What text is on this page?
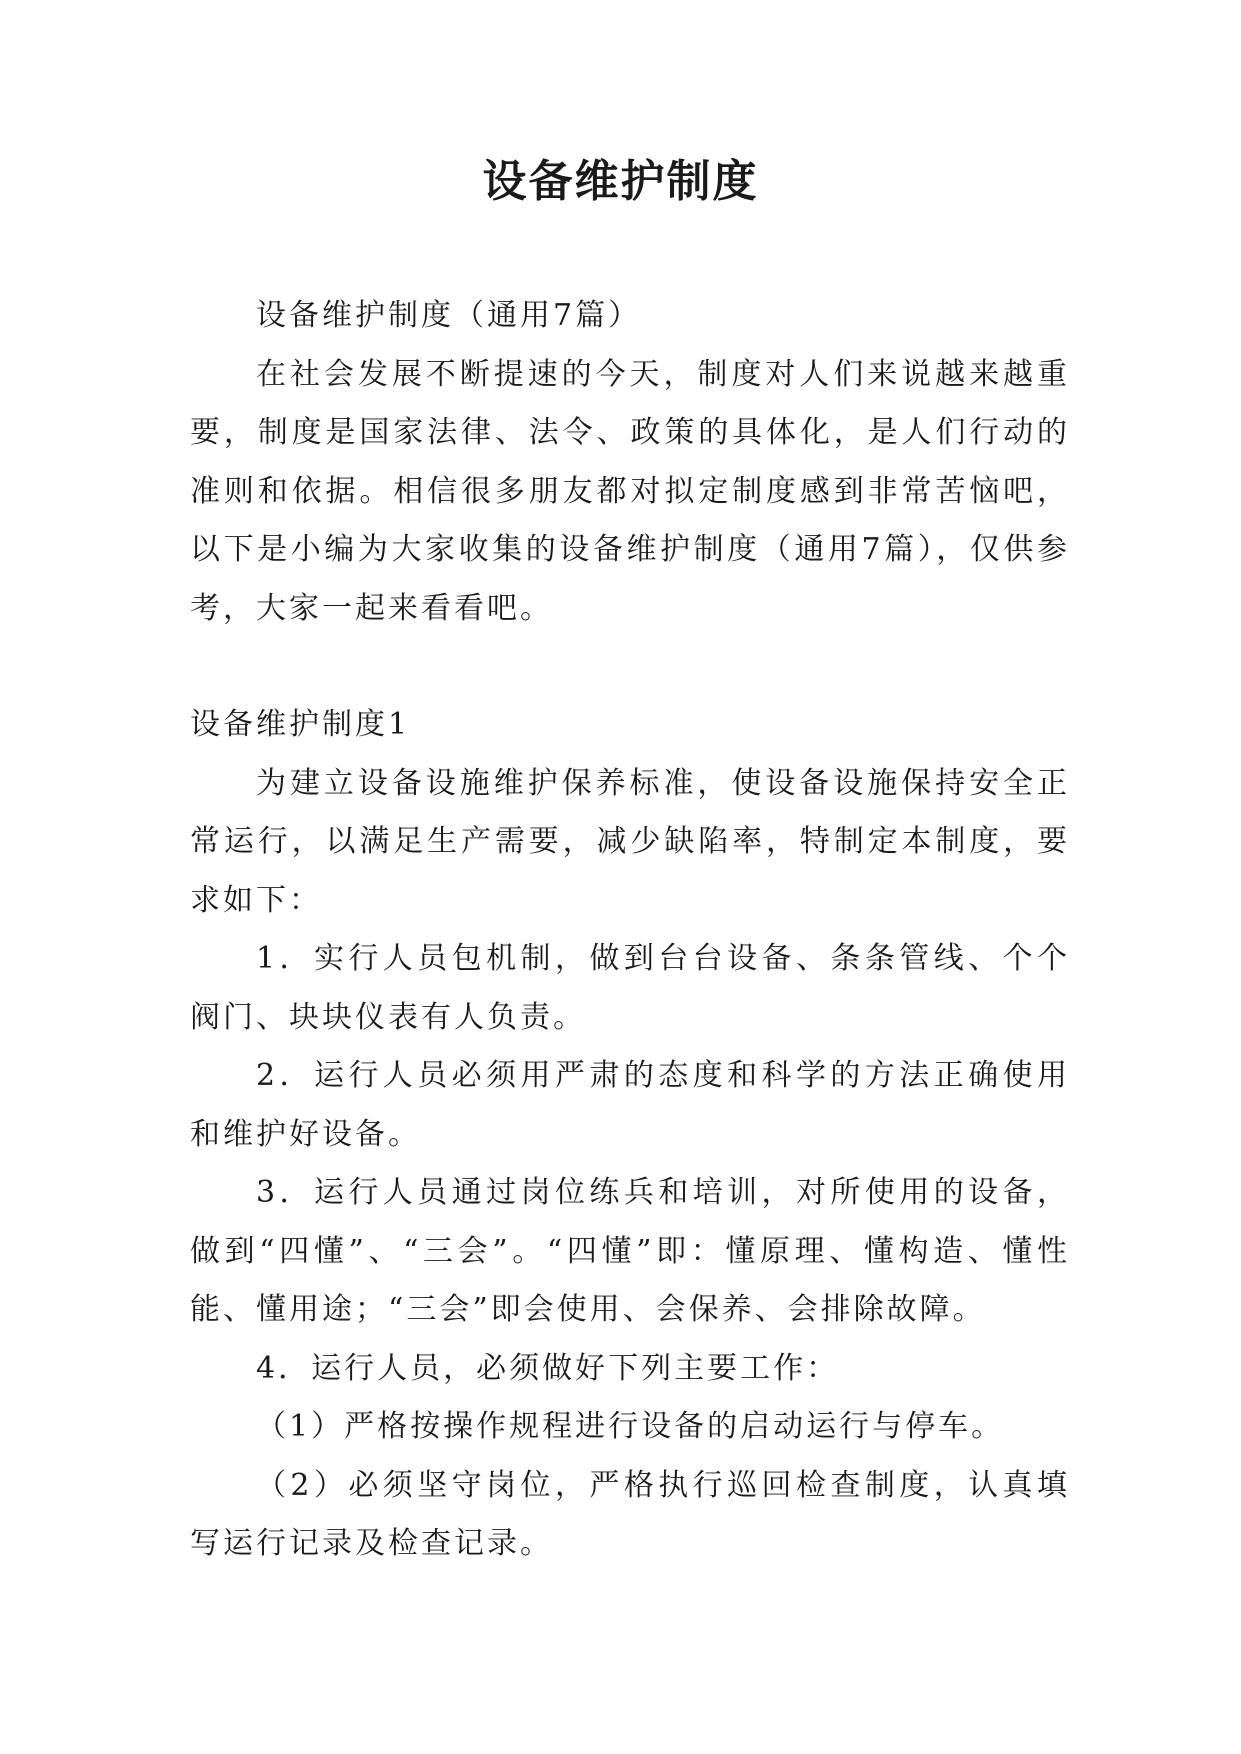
设备维护制度

设备维护制度（通用7篇）

在社会发展不断提速的今天，制度对人们来说越来越重要，制度是国家法律、法令、政策的具体化，是人们行动的准则和依据。相信很多朋友都对拟定制度感到非常苦恼吧，以下是小编为大家收集的设备维护制度（通用7篇），仅供参考，大家一起来看看吧。

设备维护制度1

为建立设备设施维护保养标准，使设备设施保持安全正常运行，以满足生产需要，减少缺陷率，特制定本制度，要求如下：

1．实行人员包机制，做到台台设备、条条管线、个个阀门、块块仪表有人负责。

2．运行人员必须用严肃的态度和科学的方法正确使用和维护好设备。

3．运行人员通过岗位练兵和培训，对所使用的设备，做到“四懂”、“三会”。“四懂”即：懂原理、懂构造、懂性能、懂用途；“三会”即会使用、会保养、会排除故障。

4．运行人员，必须做好下列主要工作：

（1）严格按操作规程进行设备的启动运行与停车。

（2）必须坚守岗位，严格执行巡回检查制度，认真填写运行记录及检查记录。
